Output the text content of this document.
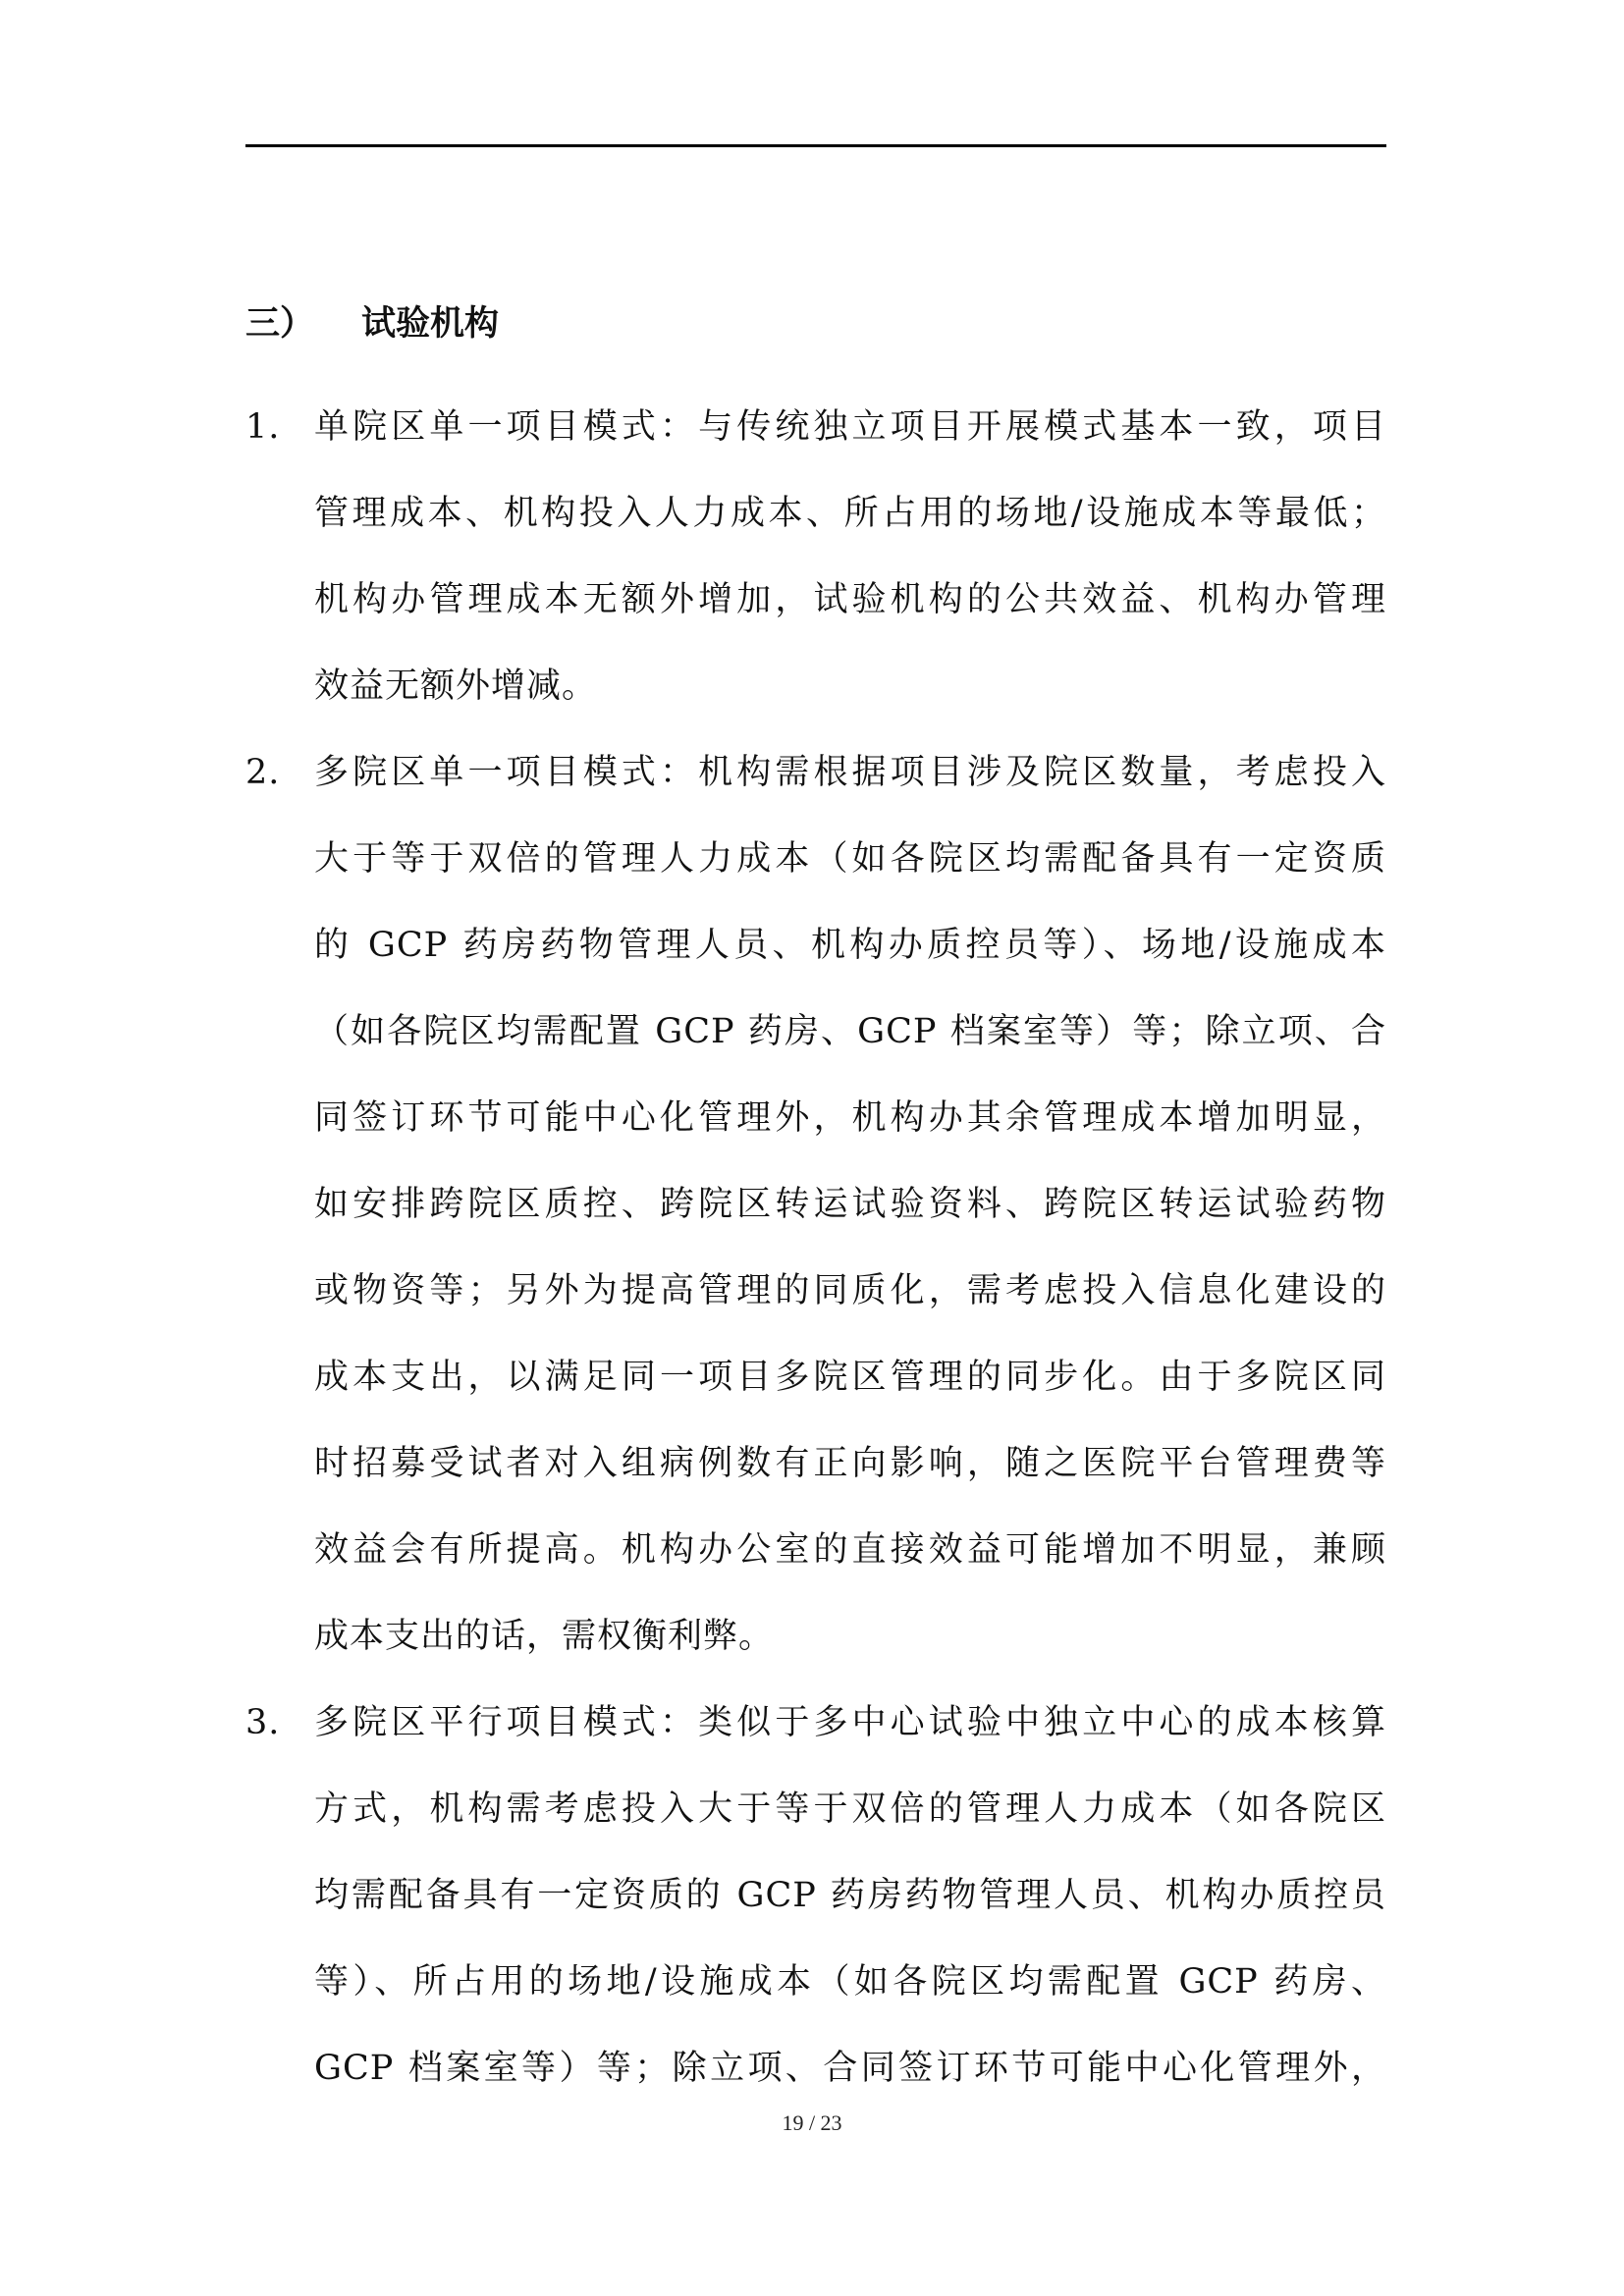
三） 试验机构
1. 单院区单一项目模式：与传统独立项目开展模式基本一致，项目
管理成本、机构投入人力成本、所占用的场地/设施成本等最低；
机构办管理成本无额外增加，试验机构的公共效益、机构办管理
效益无额外增减。
2. 多院区单一项目模式：机构需根据项目涉及院区数量，考虑投入
大于等于双倍的管理人力成本（如各院区均需配备具有一定资质
的 GCP 药房药物管理人员、机构办质控员等）、场地/设施成本
（如各院区均需配置 GCP 药房、GCP 档案室等）等；除立项、合
同签订环节可能中心化管理外，机构办其余管理成本增加明显，
如安排跨院区质控、跨院区转运试验资料、跨院区转运试验药物
或物资等；另外为提高管理的同质化，需考虑投入信息化建设的
成本支出，以满足同一项目多院区管理的同步化。由于多院区同
时招募受试者对入组病例数有正向影响，随之医院平台管理费等
效益会有所提高。机构办公室的直接效益可能增加不明显，兼顾
成本支出的话，需权衡利弊。
3. 多院区平行项目模式：类似于多中心试验中独立中心的成本核算
方式，机构需考虑投入大于等于双倍的管理人力成本（如各院区
均需配备具有一定资质的 GCP 药房药物管理人员、机构办质控员
等）、所占用的场地/设施成本（如各院区均需配置 GCP 药房、
GCP 档案室等）等；除立项、合同签订环节可能中心化管理外，
19 / 23
